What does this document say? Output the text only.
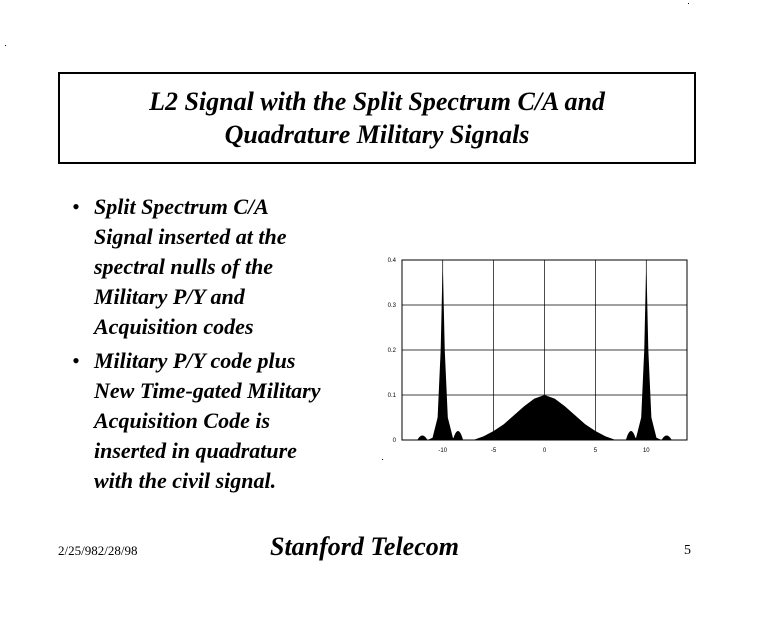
L2 Signal with the Split Spectrum C/A and
Quadrature Military Signals
• Split Spectrum C/A
Signal inserted at the
spectral nulls of the
Military P/Y and
Acquisition codes
• Military P/Y code plus
New Time-gated Military
Acquisition Code is
inserted in quadrature
with the civil signal.
-10	-5	0	5	10
0
0.1
0.2
0.3
0.4
2/25/982/28/98	Stanford Telecom	5
